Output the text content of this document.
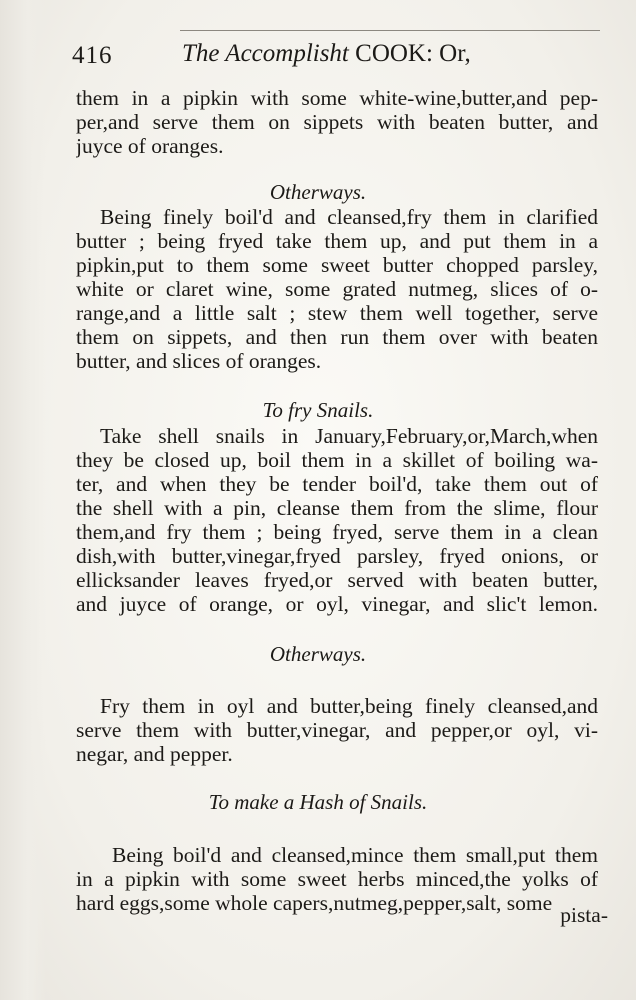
416	The Accomplisht COOK: Or,
them in a pipkin with some white-wine,butter,and pep-
per,and serve them on sippets with beaten butter, and
juyce of oranges.
Otherways.
Being finely boil'd and cleansed,fry them in clarified
butter ; being fryed take them up, and put them in a
pipkin,put to them some sweet butter chopped parsley,
white or claret wine, some grated nutmeg, slices of o-
range,and a little salt ; stew them well together, serve
them on sippets, and then run them over with beaten
butter, and slices of oranges.
To fry Snails.
Take shell snails in January,February,or,March,when
they be closed up, boil them in a skillet of boiling wa-
ter, and when they be tender boil'd, take them out of
the shell with a pin, cleanse them from the slime, flour
them,and fry them ; being fryed, serve them in a clean
dish,with butter,vinegar,fryed parsley, fryed onions, or
ellicksander leaves fryed,or served with beaten butter,
and juyce of orange, or oyl, vinegar, and slic't lemon.
Otherways.
Fry them in oyl and butter,being finely cleansed,and
serve them with butter,vinegar, and pepper,or oyl, vi-
negar, and pepper.
To make a Hash of Snails.
Being boil'd and cleansed,mince them small,put them
in a pipkin with some sweet herbs minced,the yolks of
hard eggs,some whole capers,nutmeg,pepper,salt, some pista-
